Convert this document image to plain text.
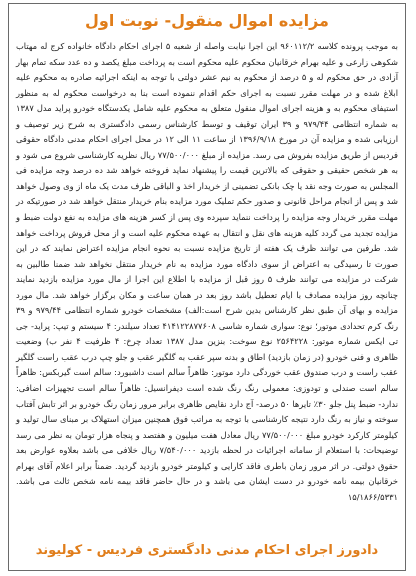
مزایده اموال منقول- نوبت اول
به موجب پرونده کلاسه ۹۶۰۱۱۲/۲ این اجرا نیابت واصله از شعبه ۵ اجرای احکام دادگاه خانواده کرج له مهتاب شکوهی زارعی و علیه بهرام خرقانیان محکوم علیه محکوم است به پرداخت مبلغ یکصد و ده عدد سکه تمام بهار آزادی در حق محکوم له و ۵ درصد از محکوم به نیم عشر دولتی با توجه به اینکه اجرائیه صادره به محکوم علیه ابلاغ شده و در مهلت مقرر نسبت به اجرای حکم اقدام ننموده است بنا به درخواست محکوم له به منظور استیفای محکوم به و هزینه اجرای اموال منقول متعلق به محکوم علیه شامل یکدستگاه خودرو پراید مدل ۱۳۸۷ به شماره انتظامی ۹۷۹/۴۴ و ۳۹ ایران توقیف و توسط کارشناس رسمی دادگستری به شرح زیر توصیف و ارزیابی شده و مزایده آن در مورخ ۱۳۹۶/۹/۱۸ از ساعت ۱۱ الی ۱۲ در محل اجرای احکام مدنی دادگاه حقوقی فردیس از طریق مزایده بفروش می رسد. مزایده از مبلغ ۷۷/۵۰۰/۰۰۰ ریال نظریه کارشناسی شروع می شود و به هر شخص حقیقی و حقوقی که بالاترین قیمت را پیشنهاد نماید فروخته خواهد شد ده درصد وجه مزایده فی المجلس به صورت وجه نقد یا چک بانکی تضمینی از خریدار اخذ و الباقی ظرف مدت یک ماه از وی وصول خواهد شد و پس از انجام مراحل قانونی و صدور حکم تملیک مورد مزایده بنام خریدار منتقل خواهد شد در صورتیکه در مهلت مقرر خریدار وجه مزایده را پرداخت ننماید سپرده وی پس از کسر هزینه های مزایده به نفع دولت ضبط و مزایده تجدید می گردد کلیه هزینه های نقل و انتقال به عهده محکوم علیه است و از محل فروش پرداخت خواهد شد. طرفین می توانند ظرف یک هفته از تاریخ مزایده نسبت به نحوه انجام مزایده اعتراض نمایند که در این صورت تا رسیدگی به اعتراض از سوی دادگاه مورد مزایده به نام خریدار منتقل نخواهد شد ضمنا طالبین به شرکت در مزایده می توانند ظرف ۵ روز قبل از مزایده با اطلاع این اجرا از مال مورد مزایده بازدید نمایند چنانچه روز مزایده مصادف با ایام تعطیل باشد روز بعد در همان ساعت و مکان برگزار خواهد شد. مال مورد مزایده و بهای آن طبق نظر کارشناس بدین شرح است:الف) مشخصات خودرو شماره انتظامی ۹۷۹/۴۴ و ۳۹ رنگ کرم تحدادی موتور؛ نوع: سواری شماره شاسی ۴۱۴۱۲۲۸۷۷۶۰۸ تعداد سیلندر: ۴ سیستم و تیپ: پراید- جی تی ایکس شماره موتور: ۲۵۶۴۲۲۸ نوع سوخت: بنزین مدل ۱۳۸۷ تعداد چرخ: ۴ ظرفیت ۴ نفر ب) وضعیت ظاهری و فنی خودرو (در زمان بازدید) اطاق و بدنه سپر عقب به گلگیر عقب و جلو چپ درب عقب راست گلگیر عقب راست و درب صندوق عقب خوردگی دارد موتور: ظاهراً سالم است داشبورد: سالم است گیربکس: ظاهراً سالم است صندلی و تودوزی: معمولی رنگ رنگ شده است دیفرانسیل: ظاهراً سالم است تجهیزات اضافی: ندارد- ضبط پنل جلو ۳۰٪ تایرها ۵۰ درصد- آج دارد نقایص ظاهری برابر مرور زمان رنگ خودرو بر اثر تابش آفتاب سوخته و نیاز به رنگ دارد نتیجه کارشناسی با توجه به مراتب فوق همچنین میزان استهلاک بر مبنای سال تولید و کیلومتر کارکرد خودرو مبلغ ۷۷/۵۰۰/۰۰۰ ریال معادل هفت میلیون و هفتصد و پنجاه هزار تومان به نظر می رسد توضیحات: با استعلام از سامانه اجرائیات در لحظه بازدید ۷/۵۴۰/۰۰۰ ریال خلافی می باشد بعلاوه عوارض بعد حقوق دولتی. در اثر مرور زمان باطری فاقد کارایی و کیلومتر خودرو بازدید گردید. ضمناً برابر اعلام آقای بهرام خرقانیان بیمه نامه خودرو در دست ایشان می باشد و در حال حاضر فاقد بیمه نامه شخص ثالث می باشد. ۱۵/۱۸۶۶/۵۳۳۱
دادورز اجرای احکام مدنی دادگستری فردیس - کولیوند
